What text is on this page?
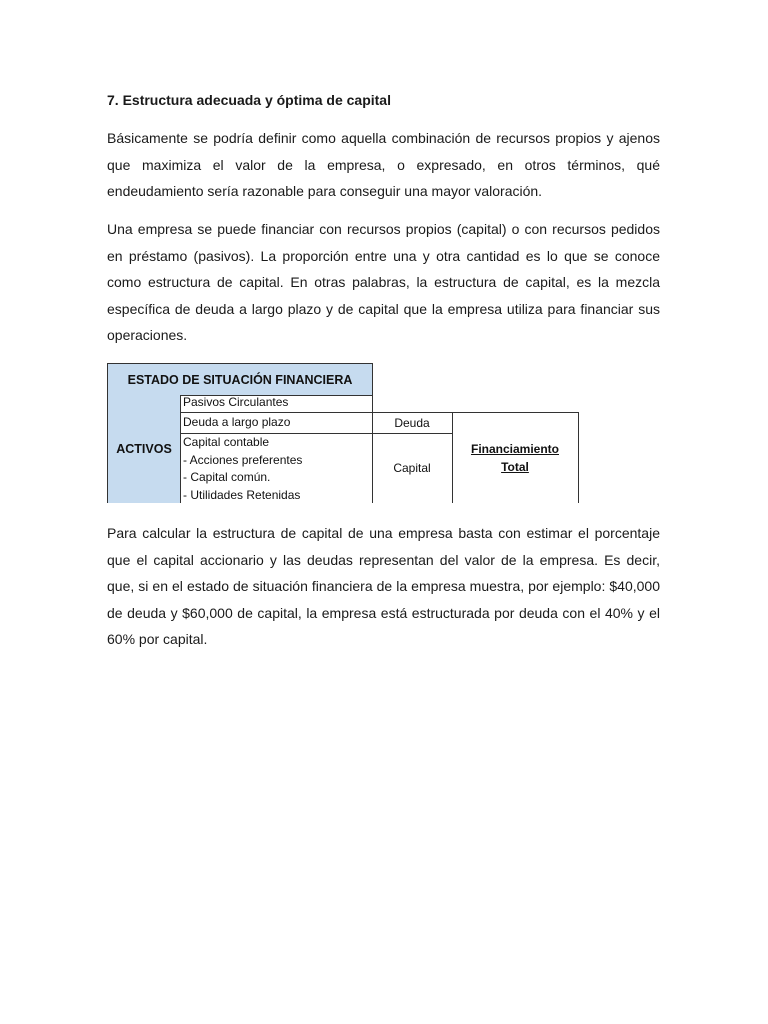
7. Estructura adecuada y óptima de capital

Básicamente se podría definir como aquella combinación de recursos propios y ajenos que maximiza el valor de la empresa, o expresado, en otros términos, qué endeudamiento sería razonable para conseguir una mayor valoración.

Una empresa se puede financiar con recursos propios (capital) o con recursos pedidos en préstamo (pasivos). La proporción entre una y otra cantidad es lo que se conoce como estructura de capital. En otras palabras, la estructura de capital, es la mezcla específica de deuda a largo plazo y de capital que la empresa utiliza para financiar sus operaciones.

ESTADO DE SITUACIÓN FINANCIERA
ACTIVOS
Pasivos Circulantes
Deuda a largo plazo
Capital contable
- Acciones preferentes
- Capital común.
- Utilidades Retenidas
Deuda
Capital
Financiamiento
Total

Para calcular la estructura de capital de una empresa basta con estimar el porcentaje que el capital accionario y las deudas representan del valor de la empresa. Es decir, que, si en el estado de situación financiera de la empresa muestra, por ejemplo: $40,000 de deuda y $60,000 de capital, la empresa está estructurada por deuda con el 40% y el 60% por capital.
